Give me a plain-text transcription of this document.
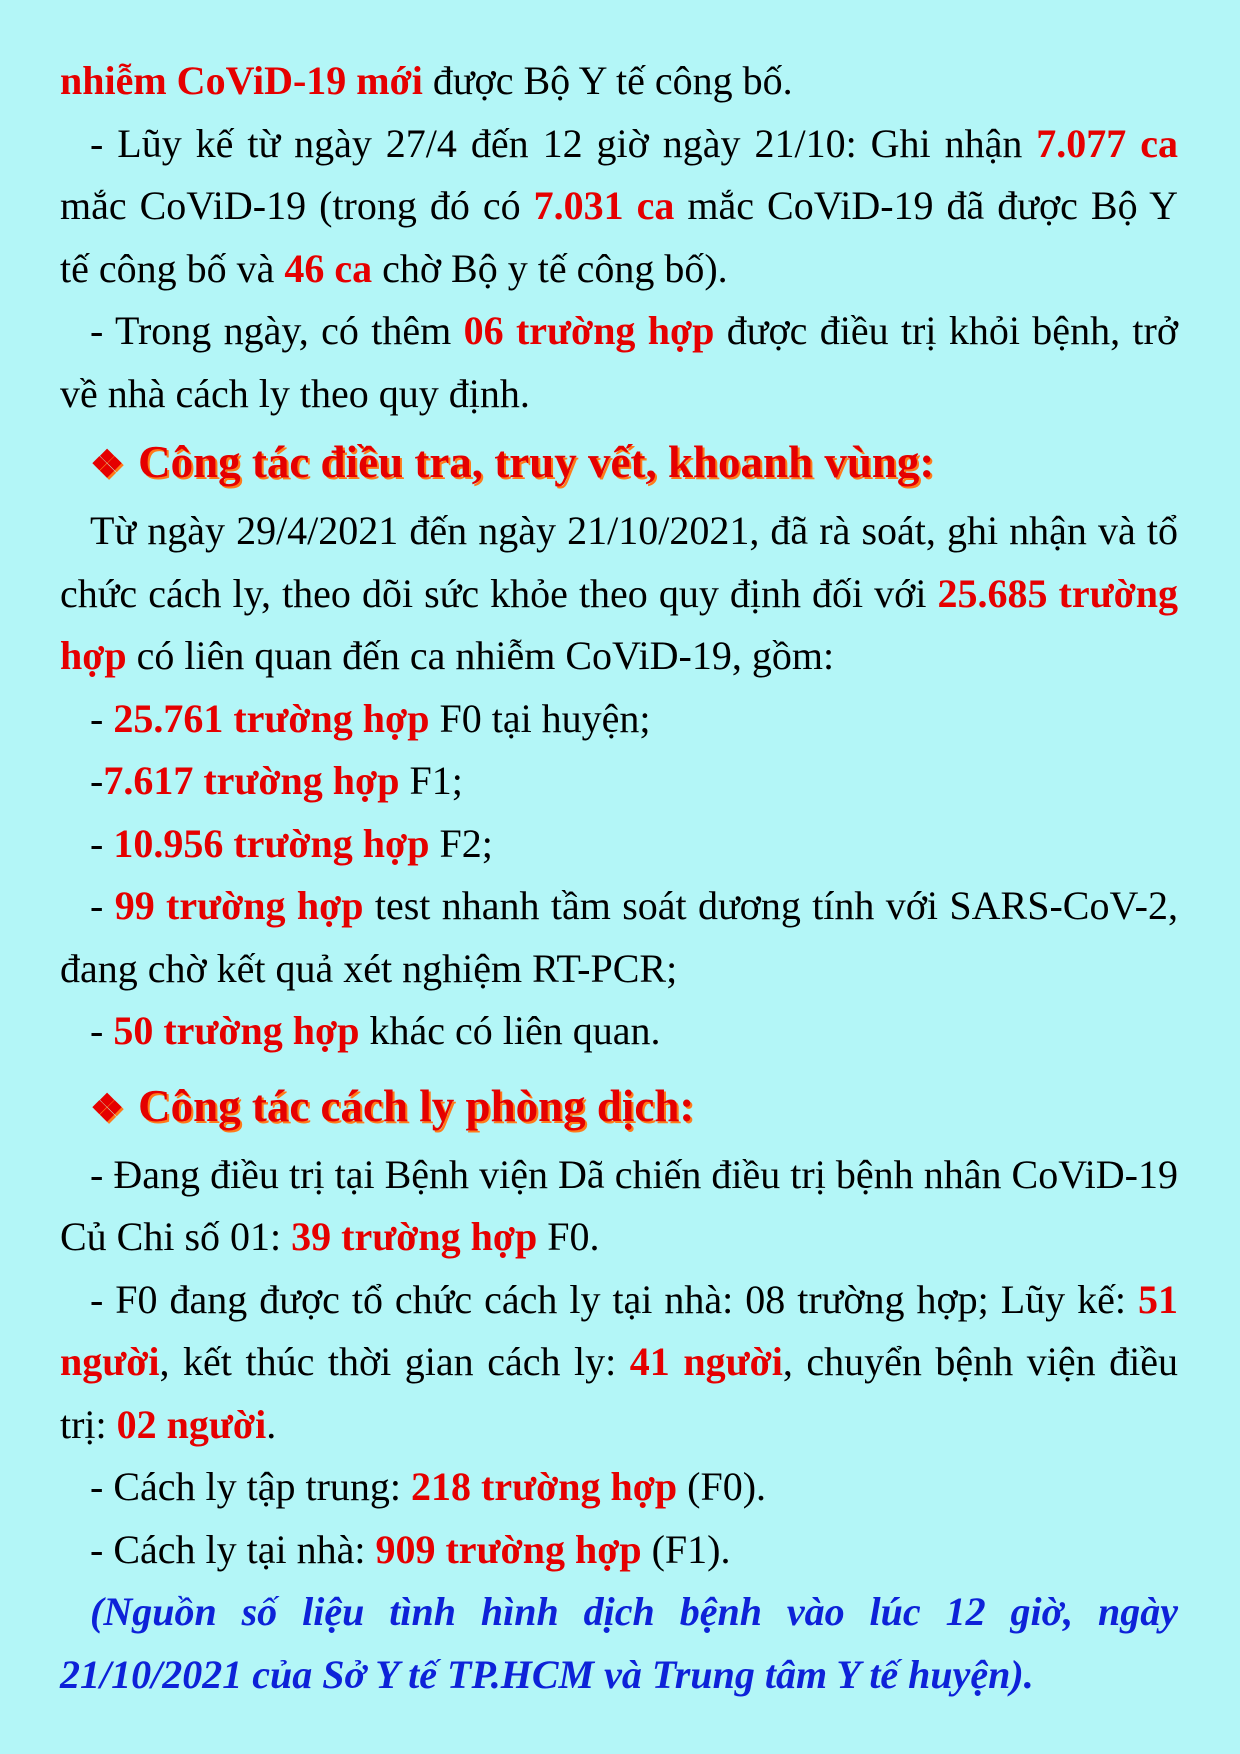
nhiễm CoViD-19 mới được Bộ Y tế công bố.

- Lũy kế từ ngày 27/4 đến 12 giờ ngày 21/10: Ghi nhận 7.077 ca mắc CoViD-19 (trong đó có 7.031 ca mắc CoViD-19 đã được Bộ Y tế công bố và 46 ca chờ Bộ y tế công bố).

- Trong ngày, có thêm 06 trường hợp được điều trị khỏi bệnh, trở về nhà cách ly theo quy định.

❖ Công tác điều tra, truy vết, khoanh vùng:

Từ ngày 29/4/2021 đến ngày 21/10/2021, đã rà soát, ghi nhận và tổ chức cách ly, theo dõi sức khỏe theo quy định đối với 25.685 trường hợp có liên quan đến ca nhiễm CoViD-19, gồm:

- 25.761 trường hợp F0 tại huyện;

-7.617 trường hợp F1;

- 10.956 trường hợp F2;

- 99 trường hợp test nhanh tầm soát dương tính với SARS-CoV-2, đang chờ kết quả xét nghiệm RT-PCR;

- 50 trường hợp khác có liên quan.

❖ Công tác cách ly phòng dịch:

- Đang điều trị tại Bệnh viện Dã chiến điều trị bệnh nhân CoViD-19 Củ Chi số 01: 39 trường hợp F0.

- F0 đang được tổ chức cách ly tại nhà: 08 trường hợp; Lũy kế: 51 người, kết thúc thời gian cách ly: 41 người, chuyển bệnh viện điều trị: 02 người.

- Cách ly tập trung: 218 trường hợp (F0).

- Cách ly tại nhà: 909 trường hợp (F1).

(Nguồn số liệu tình hình dịch bệnh vào lúc 12 giờ, ngày 21/10/2021 của Sở Y tế TP.HCM và Trung tâm Y tế huyện).
